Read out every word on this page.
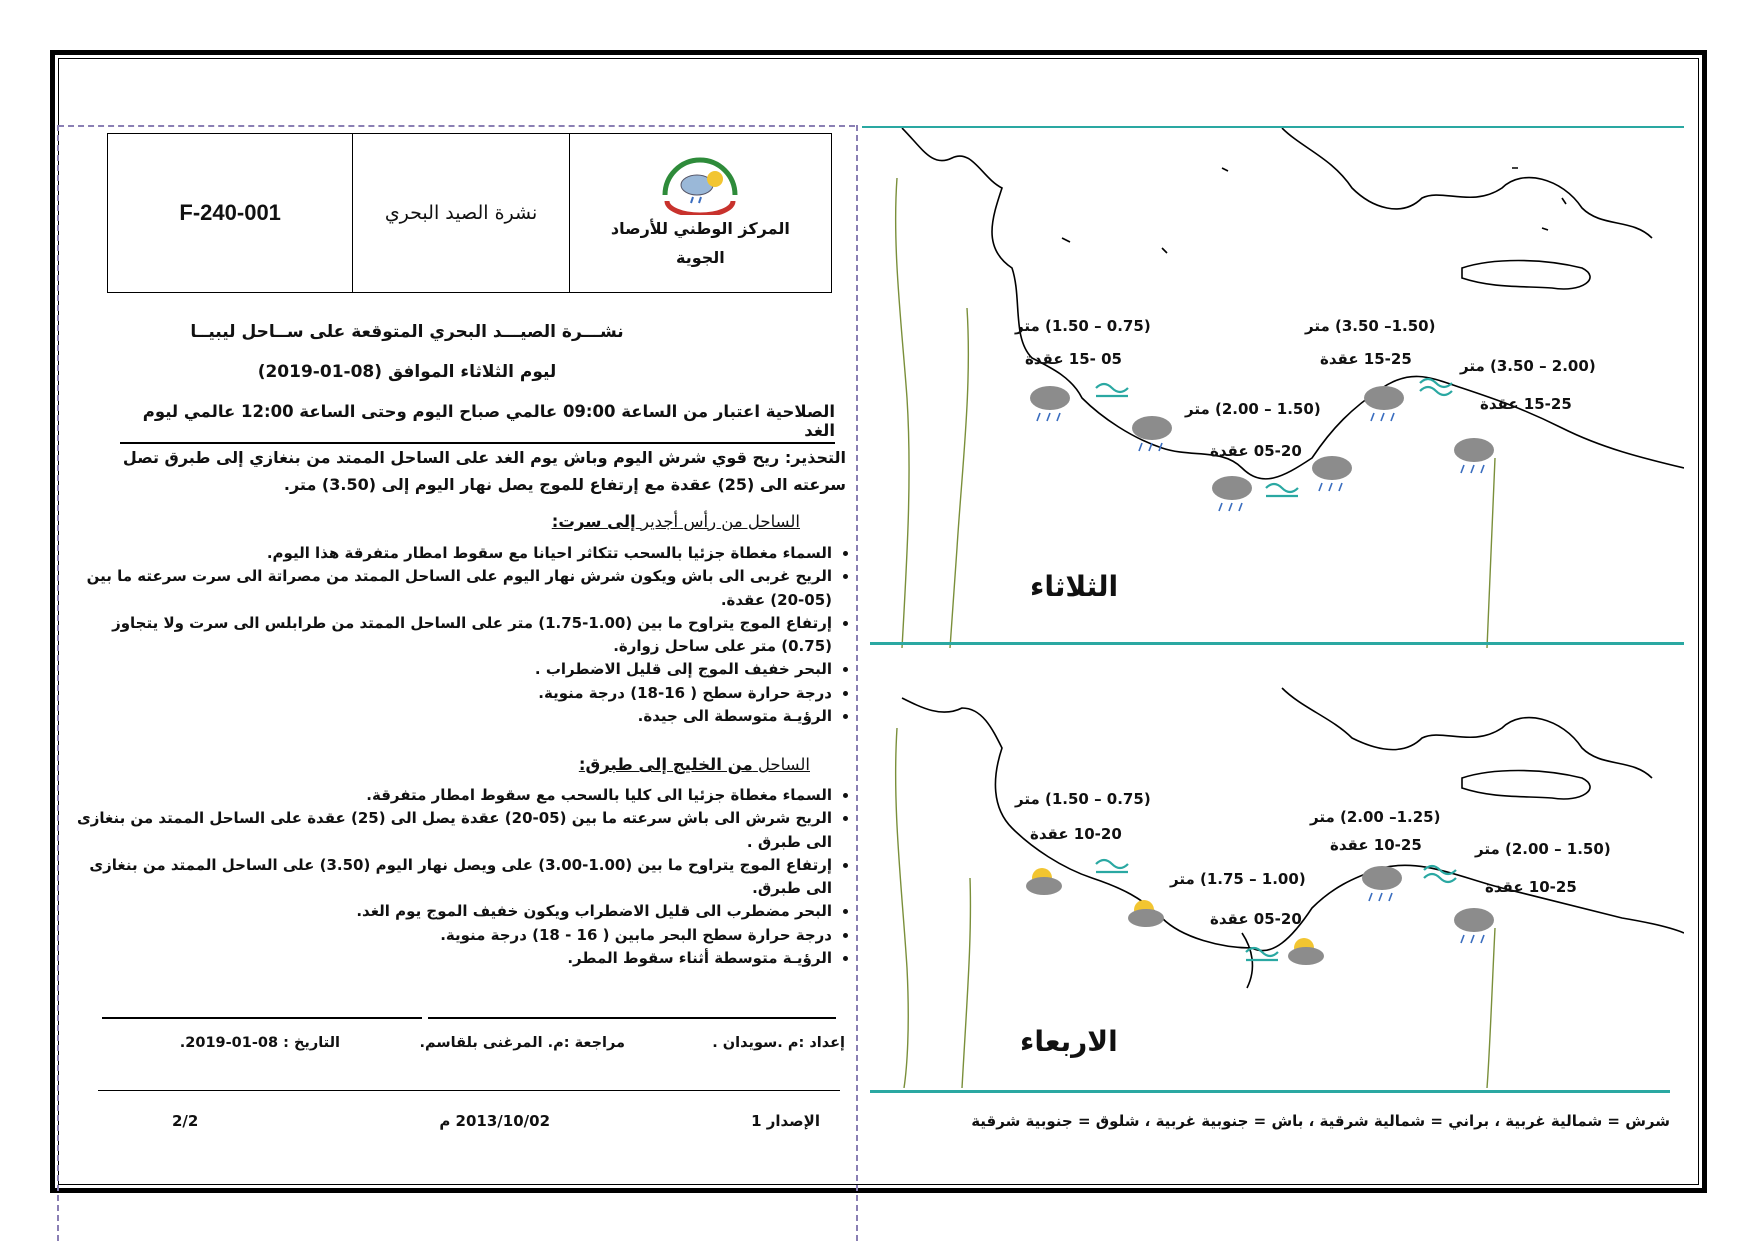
F-240-001	نشرة الصيد البحري
المركز الوطني للأرصاد
الجوية
نشـــرة الصيـــد البحري المتوقعة على ســاحل ليبيــا
ليوم الثلاثاء الموافق (08-01-2019)
الصلاحية اعتبار من الساعة 09:00 عالمي صباح اليوم وحتى الساعة 12:00 عالمي ليوم الغد
التحذير: ريح قوي شرش اليوم وباش يوم الغد على الساحل الممتد من بنغازي إلى طبرق تصل سرعته الى (25) عقدة مع إرتفاع للموج يصل نهار اليوم إلى (3.50) متر.
الساحل من رأس أجدير إلى سرت:
• السماء مغطاة جزئيا بالسحب تتكاثر احيانا مع سقوط امطار متفرقة هذا اليوم.
• الريح غربى الى باش ويكون شرش نهار اليوم على الساحل الممتد من مصراتة الى سرت سرعته ما بين (05-20) عقدة.
• إرتفاع الموج يتراوح ما بين (1.00-1.75) متر على الساحل الممتد من طرابلس الى سرت ولا يتجاوز (0.75) متر على ساحل زوارة.
• البحر خفيف الموج إلى قليل الاضطراب .
• درجة حرارة سطح ( 16-18) درجة منوية.
• الرؤيـة متوسطة الى جيدة.
الساحل من الخليج إلى طبرق:
• السماء مغطاة جزئيا الى كليا بالسحب مع سقوط امطار متفرقة.
• الريح شرش الى باش سرعته ما بين (05-20) عقدة يصل الى (25) عقدة على الساحل الممتد من بنغازى الى طبرق .
• إرتفاع الموج يتراوح ما بين (1.00-3.00) على ويصل نهار اليوم (3.50) على الساحل الممتد من بنغازى الى طبرق.
• البحر مضطرب الى قليل الاضطراب ويكون خفيف الموج يوم الغد.
• درجة حرارة سطح البحر مابين ( 16 - 18) درجة منوية.
• الرؤيـة متوسطة أثناء سقوط المطر.
إعداد :م .سويدان .
مراجعة :م. المرغنى بلقاسم.
التاريخ : 08-01-2019.
الإصدار 1
2013/10/02 م
2/2
(0.75 – 1.50) متر
05 -15 عقدة
(1.50 – 2.00) متر
05-20 عقدة
(1.50– 3.50) متر
15-25 عقدة	(2.00 – 3.50) متر
15-25 عقدة
الثلاثاء
(0.75 – 1.50) متر
10-20 عقدة
(1.00 – 1.75) متر
05-20 عقدة
(1.25– 2.00) متر
10-25 عقدة	(1.50 – 2.00) متر
10-25 عقدة
الاربعاء
شرش = شمالية غربية ، براني = شمالية شرقية ، باش = جنوبية غربية ، شلوق = جنوبية شرقية
